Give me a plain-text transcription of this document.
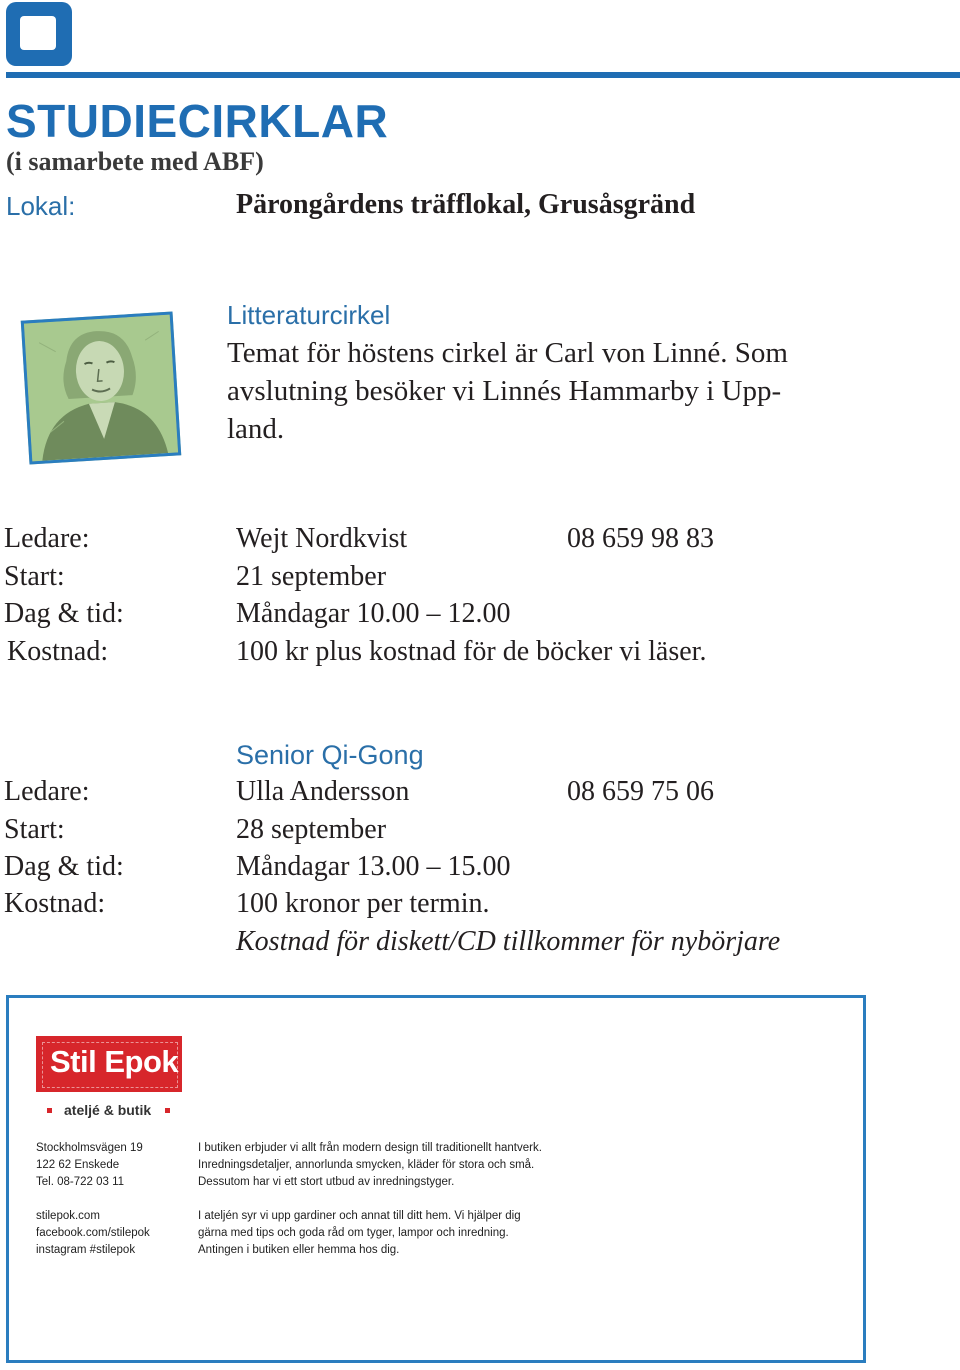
STUDIECIRKLAR
(i samarbete med ABF)
Lokal:	Pärongårdens träfflokal, Grusåsgränd
Litteraturcirkel
Temat för höstens cirkel är Carl von Linné. Som
avslutning besöker vi Linnés Hammarby i Upp-
land.
Ledare:	Wejt Nordkvist	08 659 98 83
Start:	21 september
Dag & tid:	Måndagar 10.00 – 12.00
Kostnad:	100 kr plus kostnad för de böcker vi läser.
Senior Qi-Gong
Ledare:	Ulla Andersson	08 659 75 06
Start:	28 september
Dag & tid:	Måndagar 13.00 – 15.00
Kostnad:	100 kronor per termin.
Kostnad för diskett/CD tillkommer för nybörjare
Stil Epok
ateljé & butik
Stockholmsvägen 19
122 62 Enskede
Tel. 08-722 03 11
stilepok.com
facebook.com/stilepok
instagram #stilepok
I butiken erbjuder vi allt från modern design till traditionellt hantverk.
Inredningsdetaljer, annorlunda smycken, kläder för stora och små.
Dessutom har vi ett stort utbud av inredningstyger.
I ateljén syr vi upp gardiner och annat till ditt hem. Vi hjälper dig
gärna med tips och goda råd om tyger, lampor och inredning.
Antingen i butiken eller hemma hos dig.
